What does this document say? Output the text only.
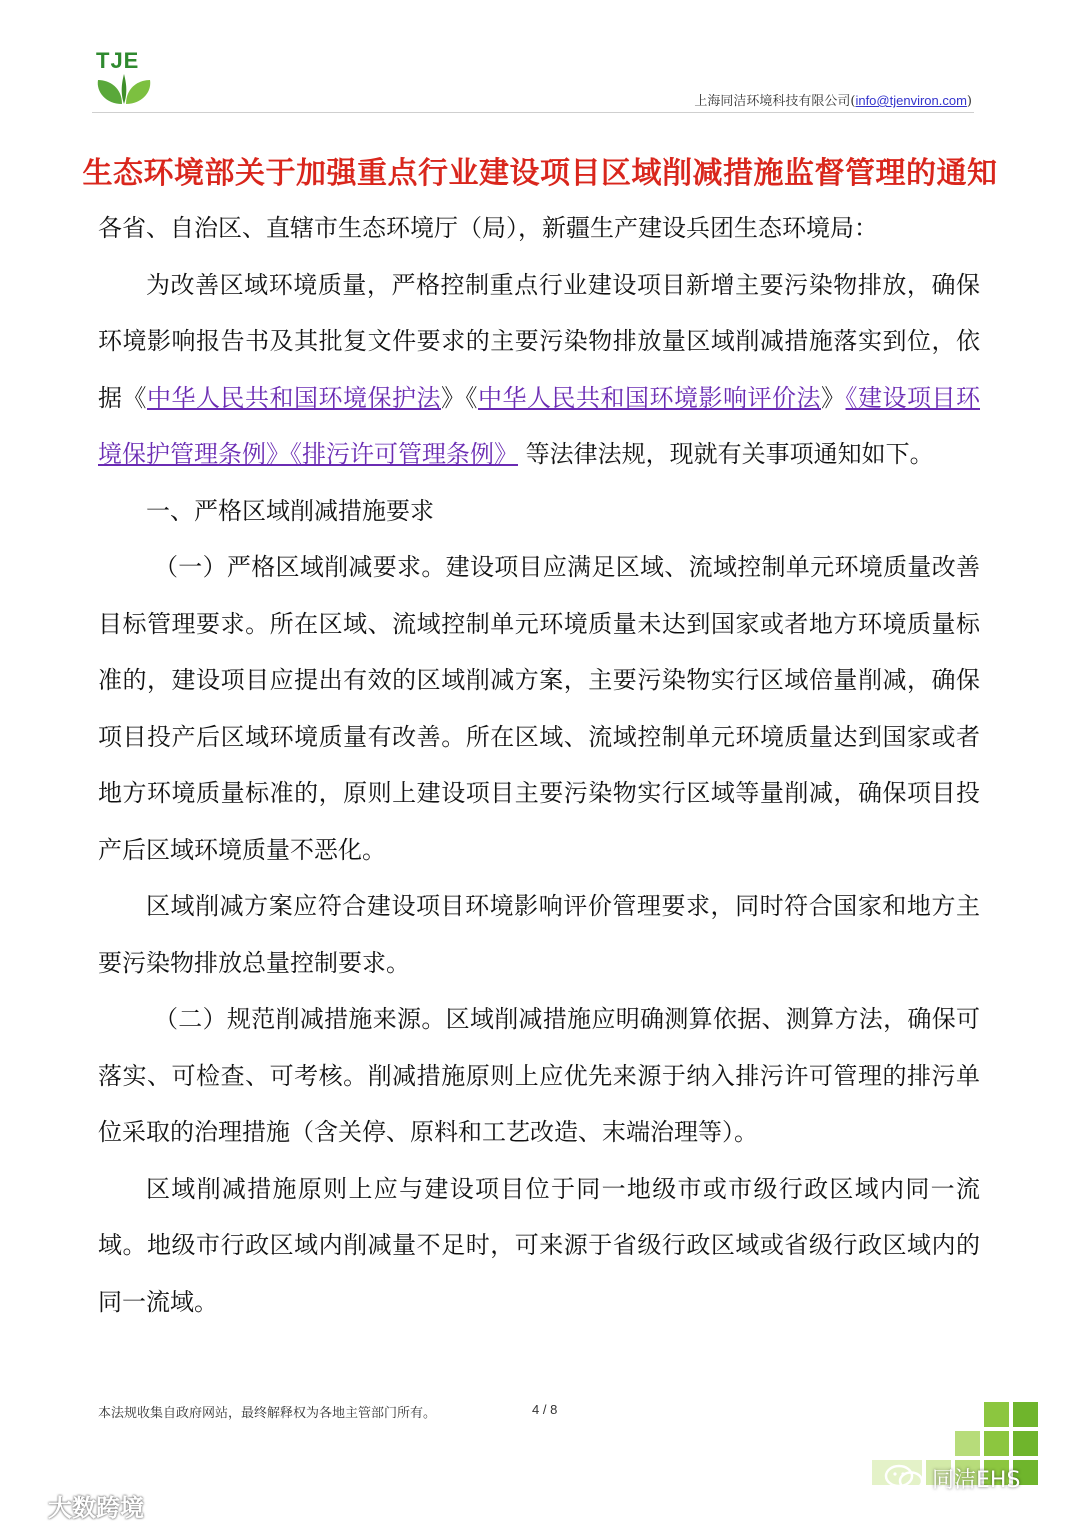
TJE
上海同洁环境科技有限公司(info@tjenviron.com)
生态环境部关于加强重点行业建设项目区域削减措施监督管理的通知

各省、自治区、直辖市生态环境厅（局），新疆生产建设兵团生态环境局：

为改善区域环境质量，严格控制重点行业建设项目新增主要污染物排放，确保环境影响报告书及其批复文件要求的主要污染物排放量区域削减措施落实到位，依据《中华人民共和国环境保护法》《中华人民共和国环境影响评价法》《建设项目环境保护管理条例》《排污许可管理条例》 等法律法规，现就有关事项通知如下。

一、严格区域削减措施要求

（一）严格区域削减要求。建设项目应满足区域、流域控制单元环境质量改善目标管理要求。所在区域、流域控制单元环境质量未达到国家或者地方环境质量标准的，建设项目应提出有效的区域削减方案，主要污染物实行区域倍量削减，确保项目投产后区域环境质量有改善。所在区域、流域控制单元环境质量达到国家或者地方环境质量标准的，原则上建设项目主要污染物实行区域等量削减，确保项目投产后区域环境质量不恶化。

区域削减方案应符合建设项目环境影响评价管理要求，同时符合国家和地方主要污染物排放总量控制要求。

（二）规范削减措施来源。区域削减措施应明确测算依据、测算方法，确保可落实、可检查、可考核。削减措施原则上应优先来源于纳入排污许可管理的排污单位采取的治理措施（含关停、原料和工艺改造、末端治理等）。

区域削减措施原则上应与建设项目位于同一地级市或市级行政区域内同一流域。地级市行政区域内削减量不足时，可来源于省级行政区域或省级行政区域内的同一流域。

本法规收集自政府网站，最终解释权为各地主管部门所有。	4 / 8
同洁EHS
大数跨境
